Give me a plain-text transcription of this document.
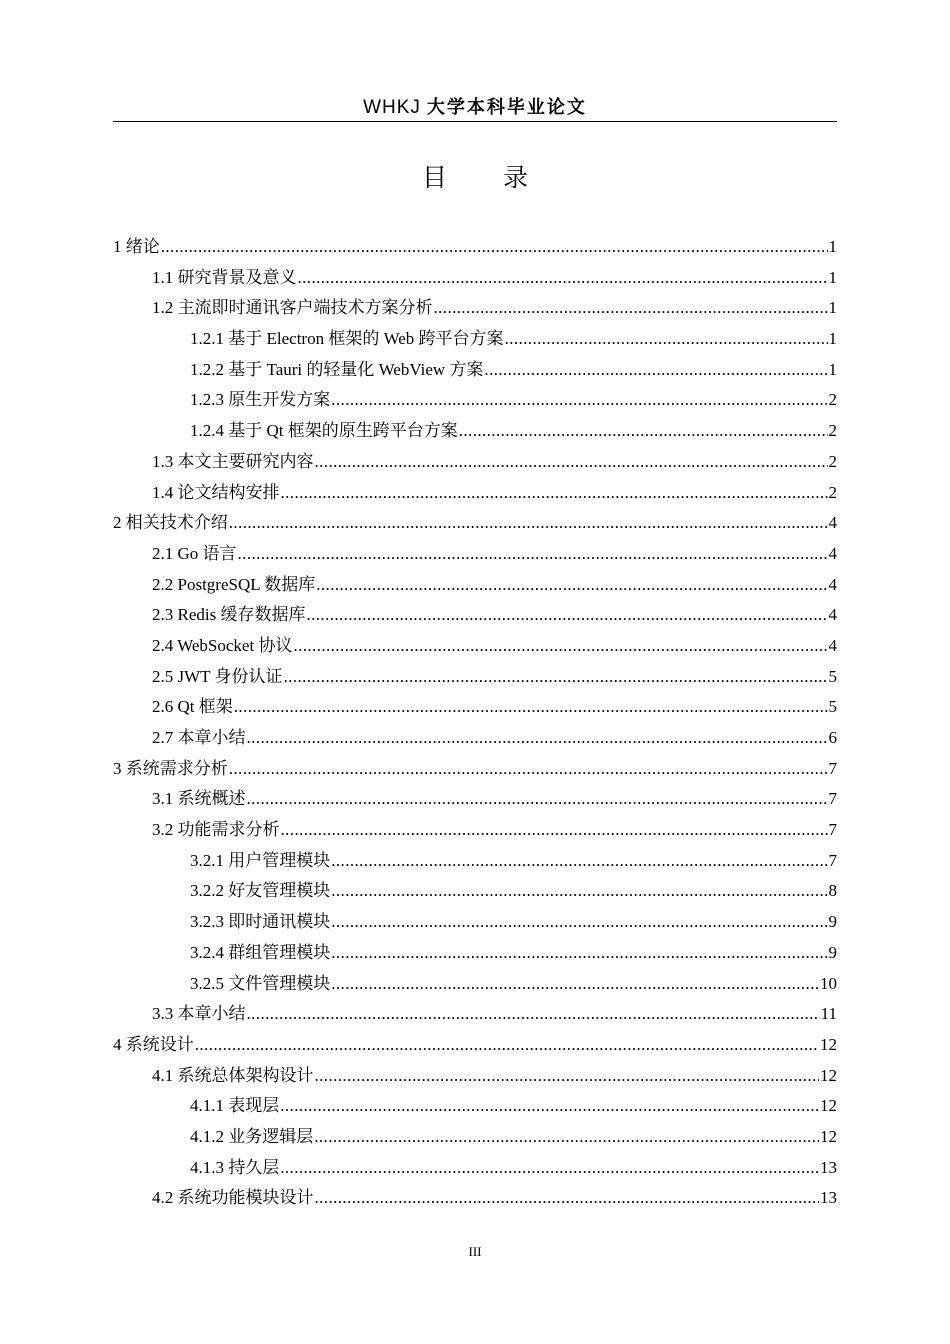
WHKJ 大学本科毕业论文
目 录
1 绪论 .....	1
1.1 研究背景及意义 .....	1
1.2 主流即时通讯客户端技术方案分析 .....	1
1.2.1 基于 Electron 框架的 Web 跨平台方案 .....	1
1.2.2 基于 Tauri 的轻量化 WebView 方案 .....	1
1.2.3 原生开发方案 .....	2
1.2.4 基于 Qt 框架的原生跨平台方案 .....	2
1.3 本文主要研究内容 .....	2
1.4 论文结构安排 .....	2
2 相关技术介绍 .....	4
2.1 Go 语言 .....	4
2.2 PostgreSQL 数据库 .....	4
2.3 Redis 缓存数据库 .....	4
2.4 WebSocket 协议 .....	4
2.5 JWT 身份认证 .....	5
2.6 Qt 框架 .....	5
2.7 本章小结 .....	6
3 系统需求分析 .....	7
3.1 系统概述 .....	7
3.2 功能需求分析 .....	7
3.2.1 用户管理模块 .....	7
3.2.2 好友管理模块 .....	8
3.2.3 即时通讯模块 .....	9
3.2.4 群组管理模块 .....	9
3.2.5 文件管理模块 .....	10
3.3 本章小结 .....	11
4 系统设计 .....	12
4.1 系统总体架构设计 .....	12
4.1.1 表现层 .....	12
4.1.2 业务逻辑层 .....	12
4.1.3 持久层 .....	13
4.2 系统功能模块设计 .....	13
III
